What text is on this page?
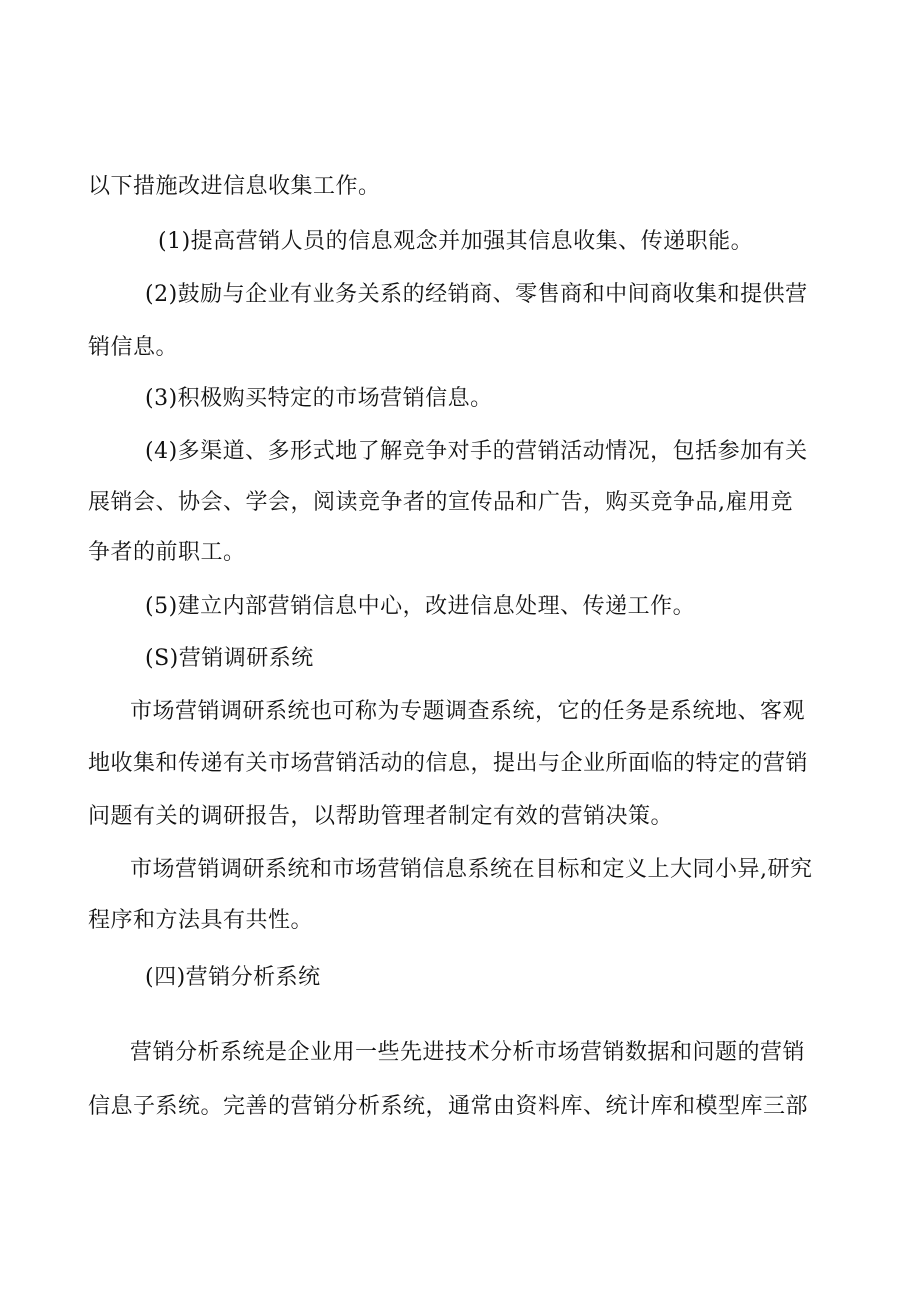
以下措施改进信息收集工作。
(1)提高营销人员的信息观念并加强其信息收集、传递职能。
(2)鼓励与企业有业务关系的经销商、零售商和中间商收集和提供营
销信息。
(3)积极购买特定的市场营销信息。
(4)多渠道、多形式地了解竞争对手的营销活动情况，包括参加有关
展销会、协会、学会，阅读竞争者的宣传品和广告，购买竞争品,雇用竞
争者的前职工。
(5)建立内部营销信息中心，改进信息处理、传递工作。
(S)营销调研系统
市场营销调研系统也可称为专题调查系统，它的任务是系统地、客观
地收集和传递有关市场营销活动的信息，提出与企业所面临的特定的营销
问题有关的调研报告，以帮助管理者制定有效的营销决策。
市场营销调研系统和市场营销信息系统在目标和定义上大同小异,研究
程序和方法具有共性。
(四)营销分析系统
营销分析系统是企业用一些先进技术分析市场营销数据和问题的营销
信息子系统。完善的营销分析系统，通常由资料库、统计库和模型库三部
